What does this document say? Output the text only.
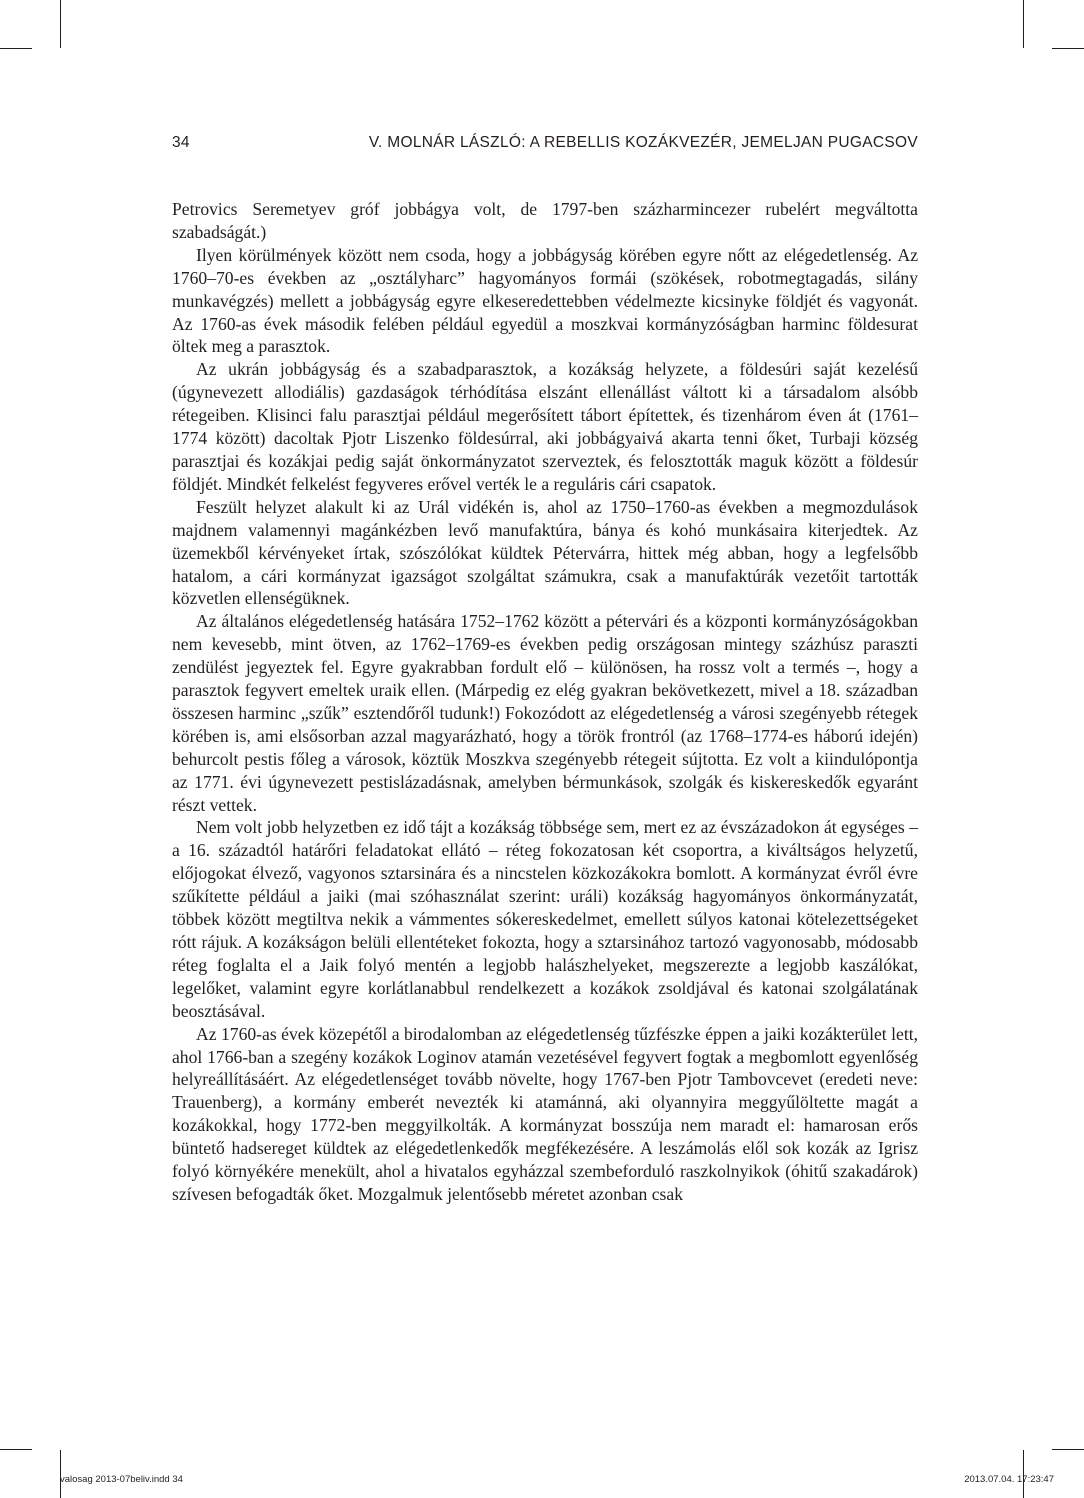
34	V. MOLNÁR LÁSZLÓ: A REBELLIS KOZÁKVEZÉR, JEMELJAN PUGACSOV

Petrovics Seremetyev gróf jobbágya volt, de 1797-ben százharmincezer rubelért megváltotta szabadságát.)

Ilyen körülmények között nem csoda, hogy a jobbágyság körében egyre nőtt az elégedetlenség. Az 1760–70-es években az „osztályharc” hagyományos formái (szökések, robotmegtagadás, silány munkavégzés) mellett a jobbágyság egyre elkeseredettebben védelmezte kicsinyke földjét és vagyonát. Az 1760-as évek második felében például egyedül a moszkvai kormányzóságban harminc földesurat öltek meg a parasztok.

Az ukrán jobbágyság és a szabadparasztok, a kozákság helyzete, a földesúri saját kezelésű (úgynevezett allodiális) gazdaságok térhódítása elszánt ellenállást váltott ki a társadalom alsóbb rétegeiben. Klisinci falu parasztjai például megerősített tábort építettek, és tizenhárom éven át (1761–1774 között) dacoltak Pjotr Liszenko földesúrral, aki jobbágyaivá akarta tenni őket, Turbaji község parasztjai és kozákjai pedig saját önkormányzatot szerveztek, és felosztották maguk között a földesúr földjét. Mindkét felkelést fegyveres erővel verték le a reguláris cári csapatok.

Feszült helyzet alakult ki az Urál vidékén is, ahol az 1750–1760-as években a megmozdulások majdnem valamennyi magánkézben levő manufaktúra, bánya és kohó munkásaira kiterjedtek. Az üzemekből kérvényeket írtak, szószólókat küldtek Pétervárra, hittek még abban, hogy a legfelsőbb hatalom, a cári kormányzat igazságot szolgáltat számukra, csak a manufaktúrák vezetőit tartották közvetlen ellenségüknek.

Az általános elégedetlenség hatására 1752–1762 között a pétervári és a központi kormányzóságokban nem kevesebb, mint ötven, az 1762–1769-es években pedig országosan mintegy százhúsz paraszti zendülést jegyeztek fel. Egyre gyakrabban fordult elő – különösen, ha rossz volt a termés –, hogy a parasztok fegyvert emeltek uraik ellen. (Márpedig ez elég gyakran bekövetkezett, mivel a 18. században összesen harminc „szűk” esztendőről tudunk!) Fokozódott az elégedetlenség a városi szegényebb rétegek körében is, ami elsősorban azzal magyarázható, hogy a török frontról (az 1768–1774-es háború idején) behurcolt pestis főleg a városok, köztük Moszkva szegényebb rétegeit sújtotta. Ez volt a kiindulópontja az 1771. évi úgynevezett pestislázadásnak, amelyben bérmunkások, szolgák és kiskereskedők egyaránt részt vettek.

Nem volt jobb helyzetben ez idő tájt a kozákság többsége sem, mert ez az évszázadokon át egységes – a 16. századtól határőri feladatokat ellátó – réteg fokozatosan két csoportra, a kiváltságos helyzetű, előjogokat élvező, vagyonos sztarsinára és a nincstelen közkozákokra bomlott. A kormányzat évről évre szűkítette például a jaiki (mai szóhasználat szerint: uráli) kozákság hagyományos önkormányzatát, többek között megtiltva nekik a vámmentes sókereskedelmet, emellett súlyos katonai kötelezettségeket rótt rájuk. A kozákságon belüli ellentéteket fokozta, hogy a sztarsinához tartozó vagyonosabb, módosabb réteg foglalta el a Jaik folyó mentén a legjobb halászhelyeket, megszerezte a legjobb kaszálókat, legelőket, valamint egyre korlátlanabbul rendelkezett a kozákok zsoldjával és katonai szolgálatának beosztásával.

Az 1760-as évek közepétől a birodalomban az elégedetlenség tűzfészke éppen a jaiki kozákterület lett, ahol 1766-ban a szegény kozákok Loginov atamán vezetésével fegyvert fogtak a megbomlott egyenlőség helyreállításáért. Az elégedetlenséget tovább növelte, hogy 1767-ben Pjotr Tambovcevet (eredeti neve: Trauenberg), a kormány emberét nevezték ki atamánná, aki olyannyira meggyűlöltette magát a kozákokkal, hogy 1772-ben meggyilkolták. A kormányzat bosszúja nem maradt el: hamarosan erős büntető hadsereget küldtek az elégedetlenkedők megfékezésére. A leszámolás elől sok kozák az Igrisz folyó környékére menekült, ahol a hivatalos egyházzal szembeforduló raszkolnyikok (óhitű szakadárok) szívesen befogadták őket. Mozgalmuk jelentősebb méretet azonban csak

valosag 2013-07beliv.indd 34	2013.07.04. 17:23:47
